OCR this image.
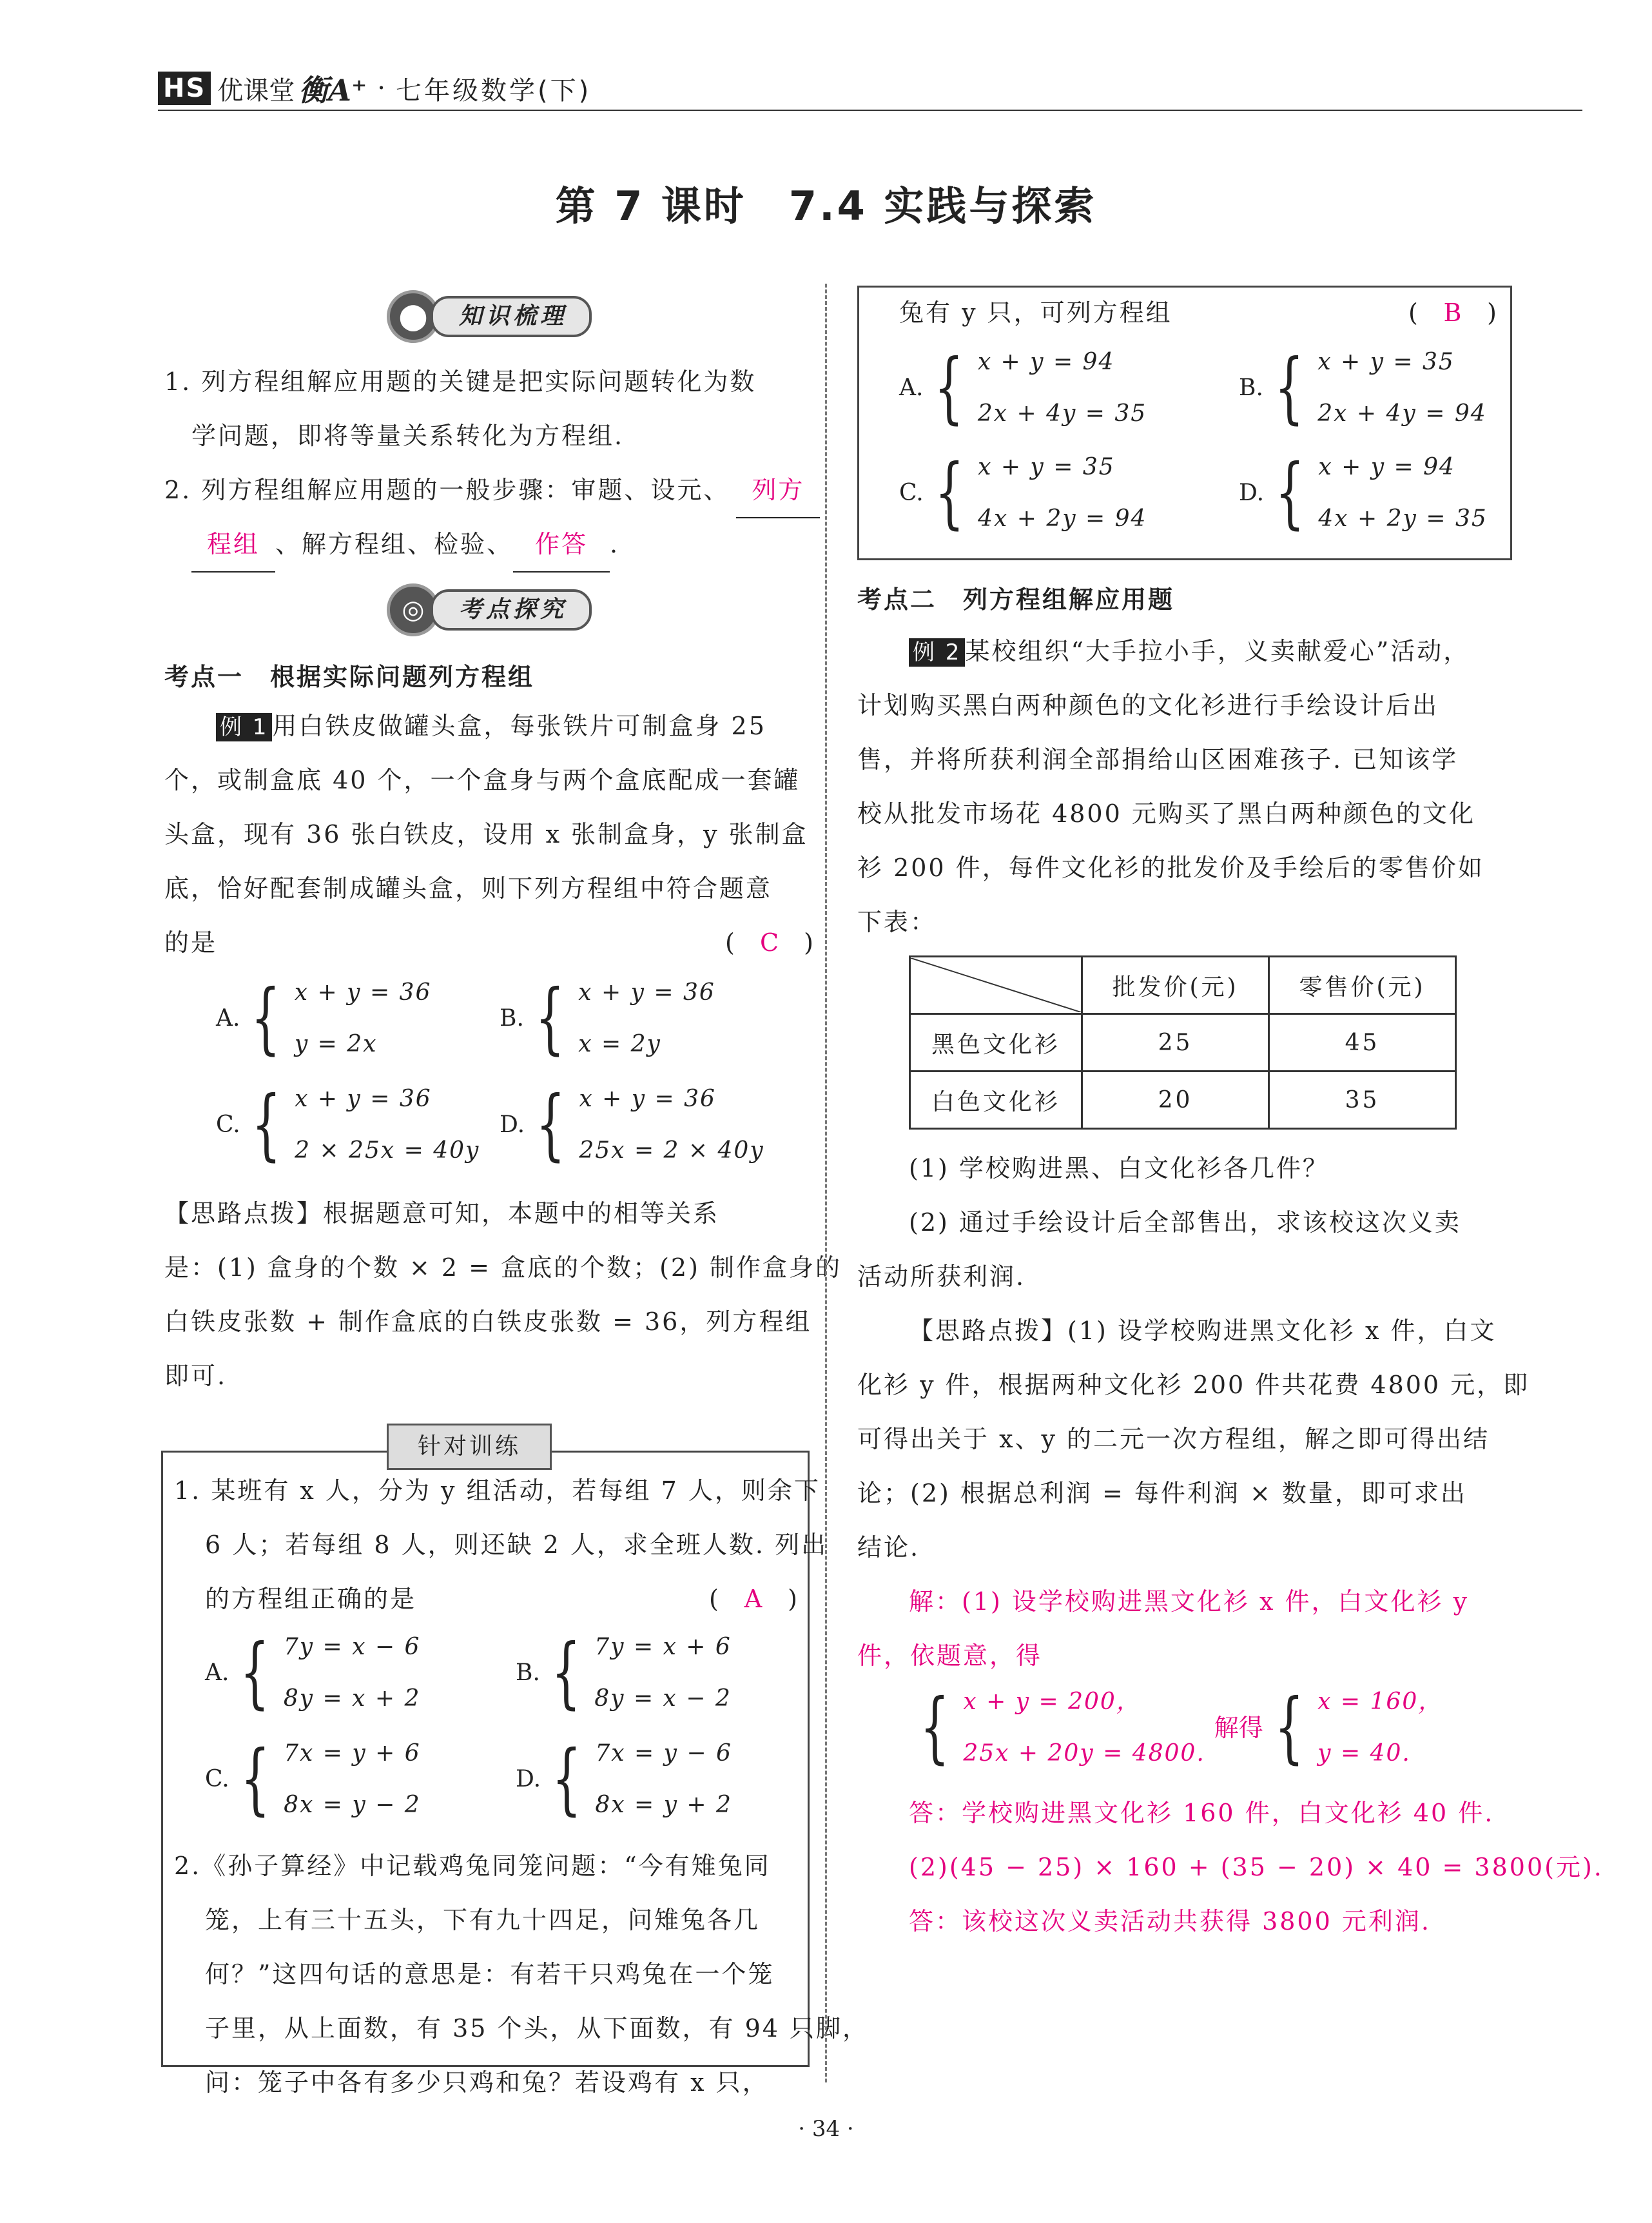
HS 优课堂 衡A⁺ · 七年级数学(下)
第 7 课时　7.4 实践与探索
⬤	知识梳理
1. 列方程组解应用题的关键是把实际问题转化为数
学问题，即将等量关系转化为方程组.
2. 列方程组解应用题的一般步骤：审题、设元、 列方
程组 、解方程组、检验、 作答 .
◎	考点探究
考点一　根据实际问题列方程组
例 1 用白铁皮做罐头盒，每张铁片可制盒身 25
个，或制盒底 40 个，一个盒身与两个盒底配成一套罐
头盒，现有 36 张白铁皮，设用 x 张制盒身，y 张制盒
底，恰好配套制成罐头盒，则下列方程组中符合题意
的是	( C )
A. { x + y = 36
y = 2x
B. { x + y = 36
x = 2y
C. { x + y = 36
2 × 25x = 40y
D. { x + y = 36
25x = 2 × 40y
【思路点拨】根据题意可知，本题中的相等关系
是：(1) 盒身的个数 × 2 = 盒底的个数；(2) 制作盒身的
白铁皮张数 + 制作盒底的白铁皮张数 = 36，列方程组
即可.
针对训练
1. 某班有 x 人，分为 y 组活动，若每组 7 人，则余下
6 人；若每组 8 人，则还缺 2 人，求全班人数. 列出
的方程组正确的是	( A )
A. { 7y = x − 6
8y = x + 2
B. { 7y = x + 6
8y = x − 2
C. { 7x = y + 6
8x = y − 2
D. { 7x = y − 6
8x = y + 2
2.《孙子算经》中记载鸡兔同笼问题：“今有雉兔同
笼，上有三十五头，下有九十四足，问雉兔各几
何？”这四句话的意思是：有若干只鸡兔在一个笼
子里，从上面数，有 35 个头，从下面数，有 94 只脚，
问：笼子中各有多少只鸡和兔？若设鸡有 x 只，
兔有 y 只，可列方程组	( B )
A. { x + y = 94
2x + 4y = 35
B. { x + y = 35
2x + 4y = 94
C. { x + y = 35
4x + 2y = 94
D. { x + y = 94
4x + 2y = 35
考点二　列方程组解应用题
例 2 某校组织“大手拉小手，义卖献爱心”活动，
计划购买黑白两种颜色的文化衫进行手绘设计后出
售，并将所获利润全部捐给山区困难孩子. 已知该学
校从批发市场花 4800 元购买了黑白两种颜色的文化
衫 200 件，每件文化衫的批发价及手绘后的零售价如
下表：
	批发价(元)	零售价(元)
黑色文化衫	25	45
白色文化衫	20	35
(1) 学校购进黑、白文化衫各几件？
(2) 通过手绘设计后全部售出，求该校这次义卖
活动所获利润.
【思路点拨】(1) 设学校购进黑文化衫 x 件，白文
化衫 y 件，根据两种文化衫 200 件共花费 4800 元，即
可得出关于 x、y 的二元一次方程组，解之即可得出结
论；(2) 根据总利润 = 每件利润 × 数量，即可求出
结论.
解：(1) 设学校购进黑文化衫 x 件，白文化衫 y
件，依题意，得
{ x + y = 200，
25x + 20y = 4800.
解得 { x = 160，
y = 40.
答：学校购进黑文化衫 160 件，白文化衫 40 件.
(2)(45 − 25) × 160 + (35 − 20) × 40 = 3800(元).
答：该校这次义卖活动共获得 3800 元利润.
· 34 ·
